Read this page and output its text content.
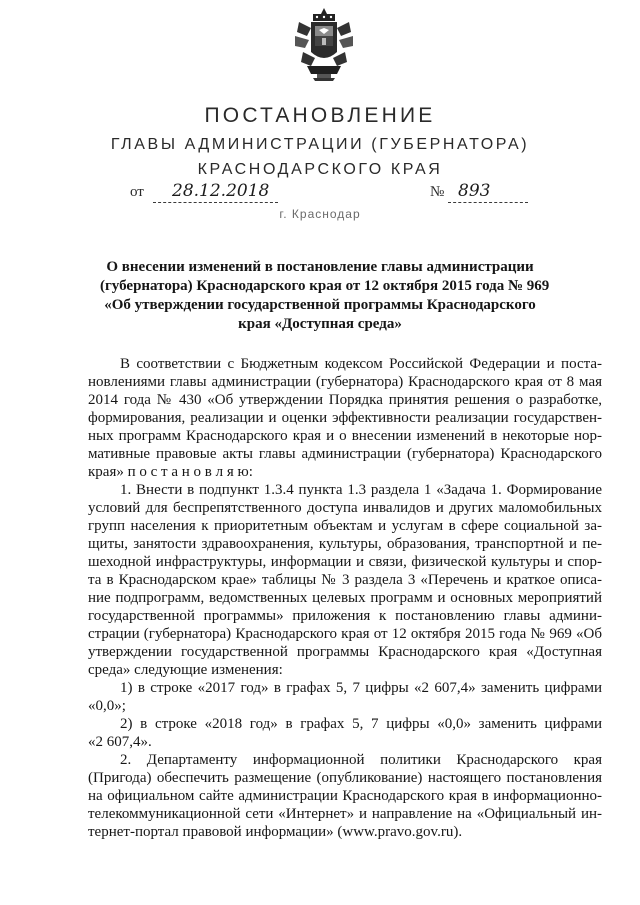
ПОСТАНОВЛЕНИЕ
ГЛАВЫ АДМИНИСТРАЦИИ (ГУБЕРНАТОРА)
КРАСНОДАРСКОГО КРАЯ
от 28.12.2018	№ 893
г. Краснодар
О внесении изменений в постановление главы администрации
(губернатора) Краснодарского края от 12 октября 2015 года № 969
«Об утверждении государственной программы Краснодарского
края «Доступная среда»
В соответствии с Бюджетным кодексом Российской Федерации и поста-
новлениями главы администрации (губернатора) Краснодарского края от 8 мая
2014 года № 430 «Об утверждении Порядка принятия решения о разработке,
формирования, реализации и оценки эффективности реализации государствен-
ных программ Краснодарского края и о внесении изменений в некоторые нор-
мативные правовые акты главы администрации (губернатора) Краснодарского
края» п о с т а н о в л я ю:
1. Внести в подпункт 1.3.4 пункта 1.3 раздела 1 «Задача 1. Формирование
условий для беспрепятственного доступа инвалидов и других маломобильных
групп населения к приоритетным объектам и услугам в сфере социальной за-
щиты, занятости здравоохранения, культуры, образования, транспортной и пе-
шеходной инфраструктуры, информации и связи, физической культуры и спор-
та в Краснодарском крае» таблицы № 3 раздела 3 «Перечень и краткое описа-
ние подпрограмм, ведомственных целевых программ и основных мероприятий
государственной программы» приложения к постановлению главы админи-
страции (губернатора) Краснодарского края от 12 октября 2015 года № 969 «Об
утверждении государственной программы Краснодарского края «Доступная
среда» следующие изменения:
1) в строке «2017 год» в графах 5, 7 цифры «2 607,4» заменить цифрами
«0,0»;
2) в строке «2018 год» в графах 5, 7 цифры «0,0» заменить цифрами
«2 607,4».
2. Департаменту информационной политики Краснодарского края
(Пригода) обеспечить размещение (опубликование) настоящего постановления
на официальном сайте администрации Краснодарского края в информационно-
телекоммуникационной сети «Интернет» и направление на «Официальный ин-
тернет-портал правовой информации» (www.pravo.gov.ru).
